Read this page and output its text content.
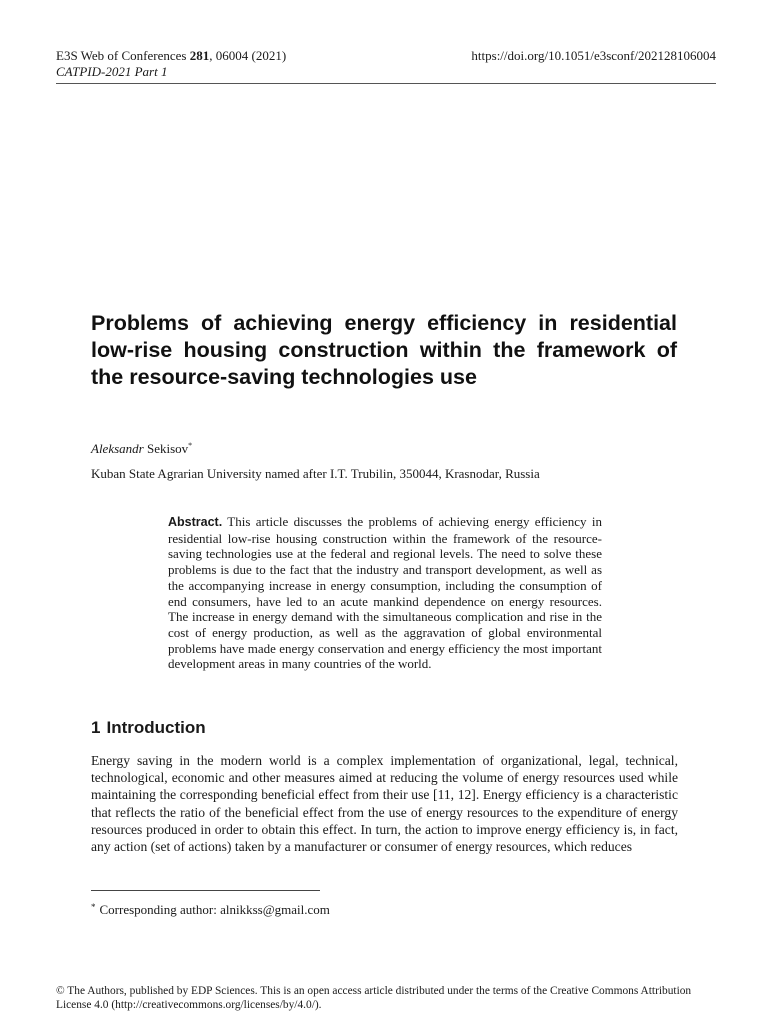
E3S Web of Conferences 281, 06004 (2021)
CATPID-2021 Part 1
https://doi.org/10.1051/e3sconf/202128106004
Problems of achieving energy efficiency in residential low-rise housing construction within the framework of the resource-saving technologies use
Aleksandr Sekisov*
Kuban State Agrarian University named after I.T. Trubilin, 350044, Krasnodar, Russia

Abstract. This article discusses the problems of achieving energy efficiency in residential low-rise housing construction within the framework of the resource-saving technologies use at the federal and regional levels. The need to solve these problems is due to the fact that the industry and transport development, as well as the accompanying increase in energy consumption, including the consumption of end consumers, have led to an acute mankind dependence on energy resources. The increase in energy demand with the simultaneous complication and rise in the cost of energy production, as well as the aggravation of global environmental problems have made energy conservation and energy efficiency the most important development areas in many countries of the world.

1 Introduction

Energy saving in the modern world is a complex implementation of organizational, legal, technical, technological, economic and other measures aimed at reducing the volume of energy resources used while maintaining the corresponding beneficial effect from their use [11, 12]. Energy efficiency is a characteristic that reflects the ratio of the beneficial effect from the use of energy resources to the expenditure of energy resources produced in order to obtain this effect. In turn, the action to improve energy efficiency is, in fact, any action (set of actions) taken by a manufacturer or consumer of energy resources, which reduces

* Corresponding author: alnikkss@gmail.com

© The Authors, published by EDP Sciences. This is an open access article distributed under the terms of the Creative Commons Attribution License 4.0 (http://creativecommons.org/licenses/by/4.0/).
